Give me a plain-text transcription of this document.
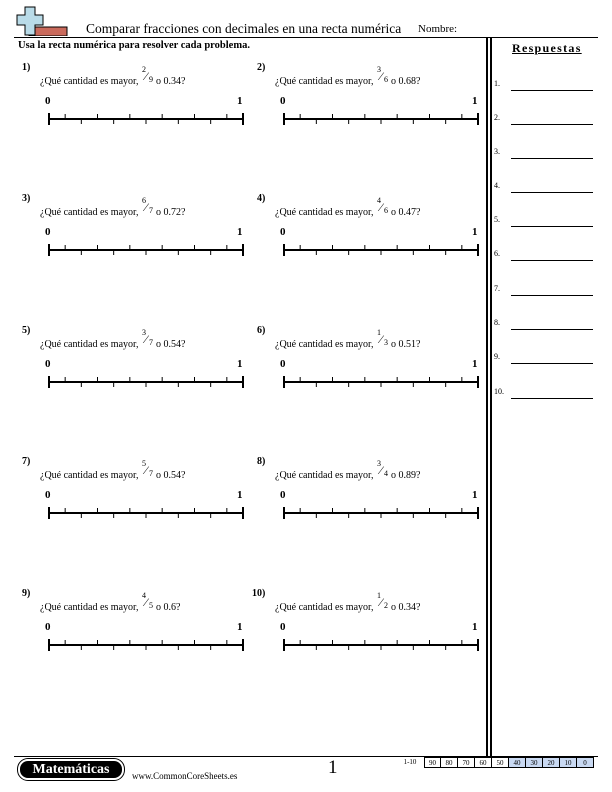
Comparar fracciones con decimales en una recta numérica Nombre:
Usa la recta numérica para resolver cada problema.	Respuestas
1.
2.
3.
4.
5.
6.
7.
8.
9.
10.
1)
¿Qué cantidad es mayor,
2 ⁄ 9 o 0.34?
0	1
2)
¿Qué cantidad es mayor,
3 ⁄ 6 o 0.68?
0	1
3)
¿Qué cantidad es mayor,
6 ⁄ 7 o 0.72?
0	1
4)
¿Qué cantidad es mayor,
4 ⁄ 6 o 0.47?
0	1
5)
¿Qué cantidad es mayor,
3 ⁄ 7 o 0.54?
0	1
6)
¿Qué cantidad es mayor,
1 ⁄ 3 o 0.51?
0	1
7)
¿Qué cantidad es mayor,
5 ⁄ 7 o 0.54?
0	1
8)
¿Qué cantidad es mayor,
3 ⁄ 4 o 0.89?
0	1
9)
¿Qué cantidad es mayor,
4 ⁄ 5 o 0.6?
0	1
10)
¿Qué cantidad es mayor,
1 ⁄ 2 o 0.34?
0	1
Matemáticas	www.CommonCoreSheets.es	1	1-10	90	80	70	60	50	40	30	20	10	0
